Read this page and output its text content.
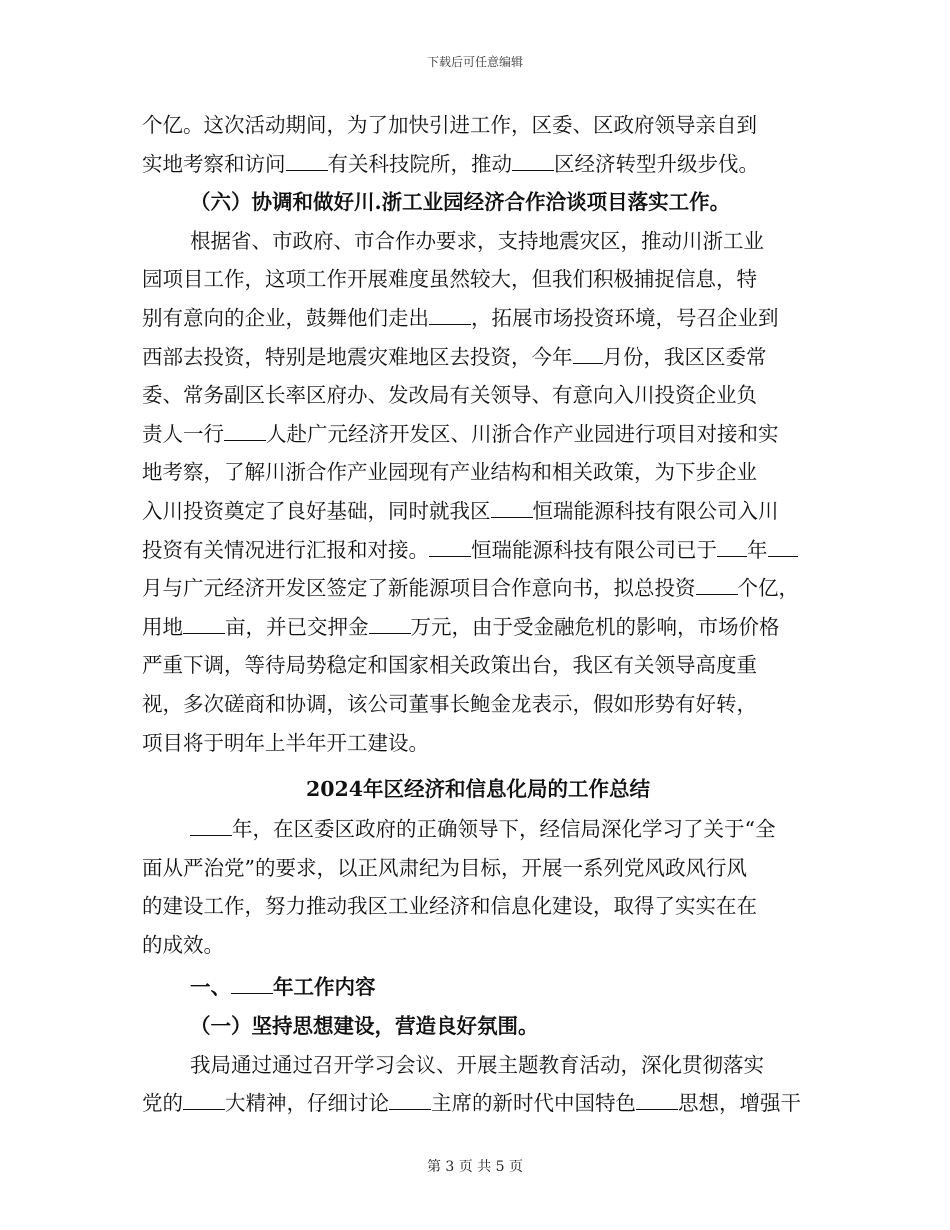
下载后可任意编辑
个亿。这次活动期间，为了加快引进工作，区委、区政府领导亲自到
实地考察和访问 有关科技院所，推动 区经济转型升级步伐。
（六）协调和做好川.浙工业园经济合作洽谈项目落实工作。
根据省、市政府、市合作办要求，支持地震灾区，推动川浙工业
园项目工作，这项工作开展难度虽然较大，但我们积极捕捉信息，特
别有意向的企业，鼓舞他们走出 ，拓展市场投资环境，号召企业到
西部去投资，特别是地震灾难地区去投资，今年 月份，我区区委常
委、常务副区长率区府办、发改局有关领导、有意向入川投资企业负
责人一行 人赴广元经济开发区、川浙合作产业园进行项目对接和实
地考察，了解川浙合作产业园现有产业结构和相关政策，为下步企业
入川投资奠定了良好基础，同时就我区 恒瑞能源科技有限公司入川
投资有关情况进行汇报和对接。 恒瑞能源科技有限公司已于 年
月与广元经济开发区签定了新能源项目合作意向书，拟总投资 个亿，
用地 亩，并已交押金 万元，由于受金融危机的影响，市场价格
严重下调，等待局势稳定和国家相关政策出台，我区有关领导高度重
视，多次磋商和协调，该公司董事长鲍金龙表示，假如形势有好转，
项目将于明年上半年开工建设。
2024年区经济和信息化局的工作总结
年，在区委区政府的正确领导下，经信局深化学习了关于“全
面从严治党”的要求，以正风肃纪为目标，开展一系列党风政风行风
的建设工作，努力推动我区工业经济和信息化建设，取得了实实在在
的成效。
一、 年工作内容
（一）坚持思想建设，营造良好氛围。
我局通过通过召开学习会议、开展主题教育活动，深化贯彻落实
党的 大精神，仔细讨论 主席的新时代中国特色 思想，增强干
第 3 页 共 5 页
